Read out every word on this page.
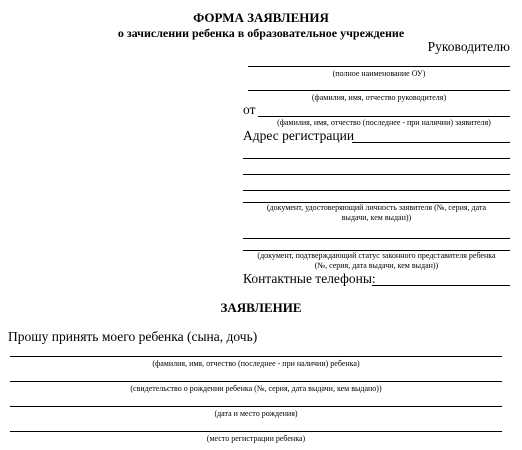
ФОРМА ЗАЯВЛЕНИЯ
о зачислении ребенка в образовательное учреждение
Руководителю
(полное наименование ОУ)
(фамилия, имя, отчество руководителя)
от
(фамилия, имя, отчество (последнее - при наличии) заявителя)
Адрес регистрации
(документ, удостоверяющий личность заявителя (№, серия, дата
выдачи, кем выдан))
(документ, подтверждающий статус законного представителя ребенка
(№, серия, дата выдачи, кем выдан))
Контактные телефоны:
ЗАЯВЛЕНИЕ
Прошу принять моего ребенка (сына, дочь)
(фамилия, имя, отчество (последнее - при наличии) ребенка)
(свидетельство о рождении ребенка (№, серия, дата выдачи, кем выдано))
(дата и место рождения)
(место регистрации ребенка)
